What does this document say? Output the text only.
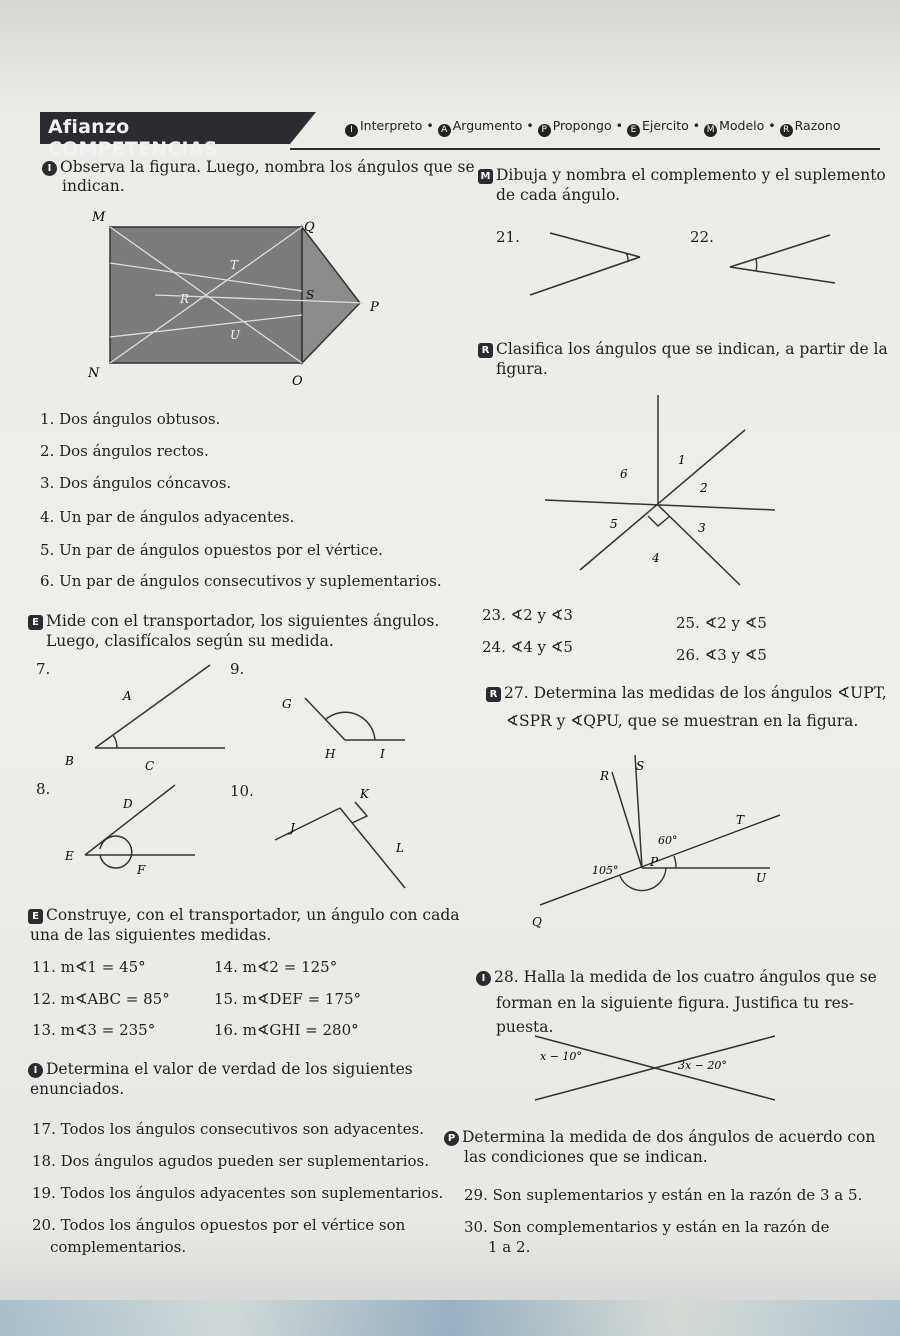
Afianzo COMPETENCIAS
I Interpreto • A Argumento • P Propongo • E Ejercito • M Modelo • R Razono
I Observa la figura. Luego, nombra los ángulos que se
indican.
M
Q
T
R	S
P
U
N
O
1. Dos ángulos obtusos.
2. Dos ángulos rectos.
3. Dos ángulos cóncavos.
4. Un par de ángulos adyacentes.
5. Un par de ángulos opuestos por el vértice.
6. Un par de ángulos consecutivos y suplementarios.
E Mide con el transportador, los siguientes ángulos.
Luego, clasifícalos según su medida.
7.
A
B	C
8.
D
E
F
9.
G
H	I
10.
J
K
L
E Construye, con el transportador, un ángulo con cada
una de las siguientes medidas.
11. m∢1 = 45°	14. m∢2 = 125°
12. m∢ABC = 85°	15. m∢DEF = 175°
13. m∢3 = 235°	16. m∢GHI = 280°
I Determina el valor de verdad de los siguientes
enunciados.
17. Todos los ángulos consecutivos son adyacentes.
18. Dos ángulos agudos pueden ser suplementarios.
19. Todos los ángulos adyacentes son suplementarios.
20. Todos los ángulos opuestos por el vértice son
complementarios.
M Dibuja y nombra el complemento y el suplemento
de cada ángulo.
21.	22.
R Clasifica los ángulos que se indican, a partir de la
figura.
1
2
3
4
5
6
23. ∢2 y ∢3	25. ∢2 y ∢5
24. ∢4 y ∢5	26. ∢3 y ∢5
R 27. Determina las medidas de los ángulos ∢UPT,
∢SPR y ∢QPU, que se muestran en la figura.
R
S
T
U
P
Q
60°
105°
I 28. Halla la medida de los cuatro ángulos que se
forman en la siguiente figura. Justifica tu res-
puesta.
x − 10°
3x − 20°
P Determina la medida de dos ángulos de acuerdo con
las condiciones que se indican.
29. Son suplementarios y están en la razón de 3 a 5.
30. Son complementarios y están en la razón de
1 a 2.
